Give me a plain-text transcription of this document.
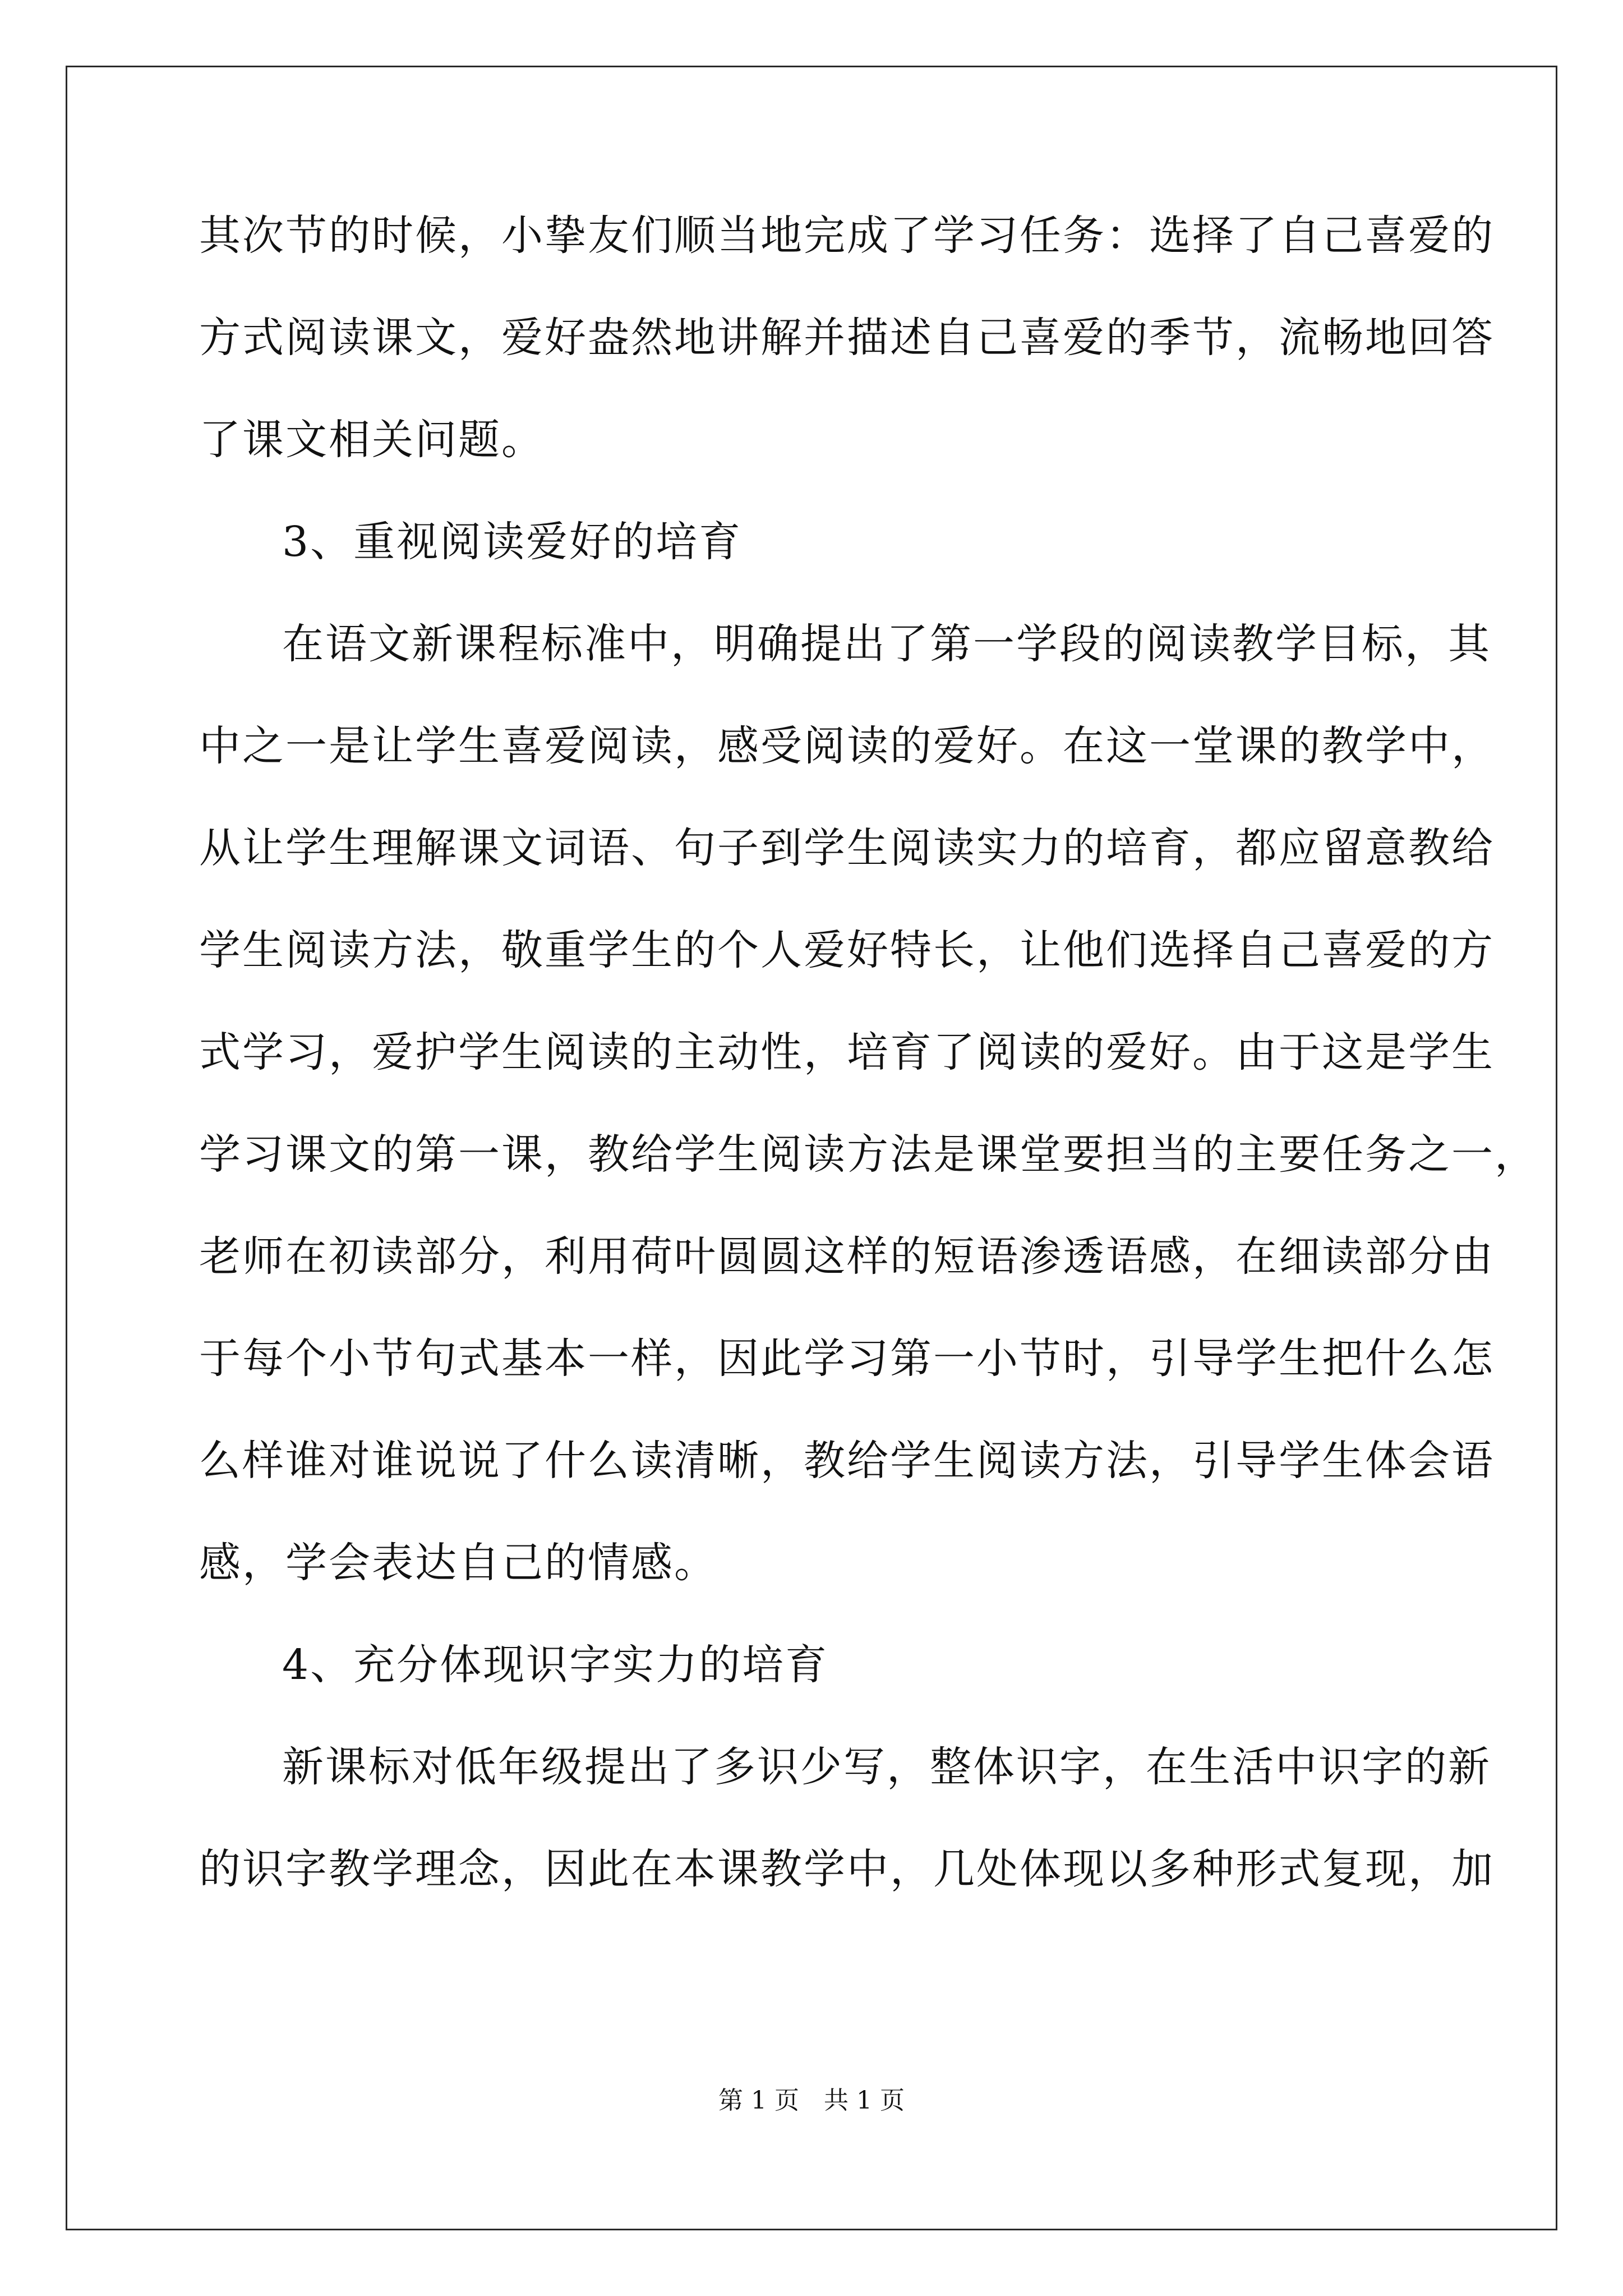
其次节的时候，小挚友们顺当地完成了学习任务：选择了自己喜爱的
方式阅读课文，爱好盎然地讲解并描述自己喜爱的季节，流畅地回答
了课文相关问题。
3、重视阅读爱好的培育
在语文新课程标准中，明确提出了第一学段的阅读教学目标，其
中之一是让学生喜爱阅读，感受阅读的爱好。在这一堂课的教学中，
从让学生理解课文词语、句子到学生阅读实力的培育，都应留意教给
学生阅读方法，敬重学生的个人爱好特长，让他们选择自己喜爱的方
式学习，爱护学生阅读的主动性，培育了阅读的爱好。由于这是学生
学习课文的第一课，教给学生阅读方法是课堂要担当的主要任务之一，
老师在初读部分，利用荷叶圆圆这样的短语渗透语感，在细读部分由
于每个小节句式基本一样，因此学习第一小节时，引导学生把什么怎
么样谁对谁说说了什么读清晰，教给学生阅读方法，引导学生体会语
感，学会表达自己的情感。
4、充分体现识字实力的培育
新课标对低年级提出了多识少写，整体识字，在生活中识字的新
的识字教学理念，因此在本课教学中，几处体现以多种形式复现，加
第 1 页　共 1 页
